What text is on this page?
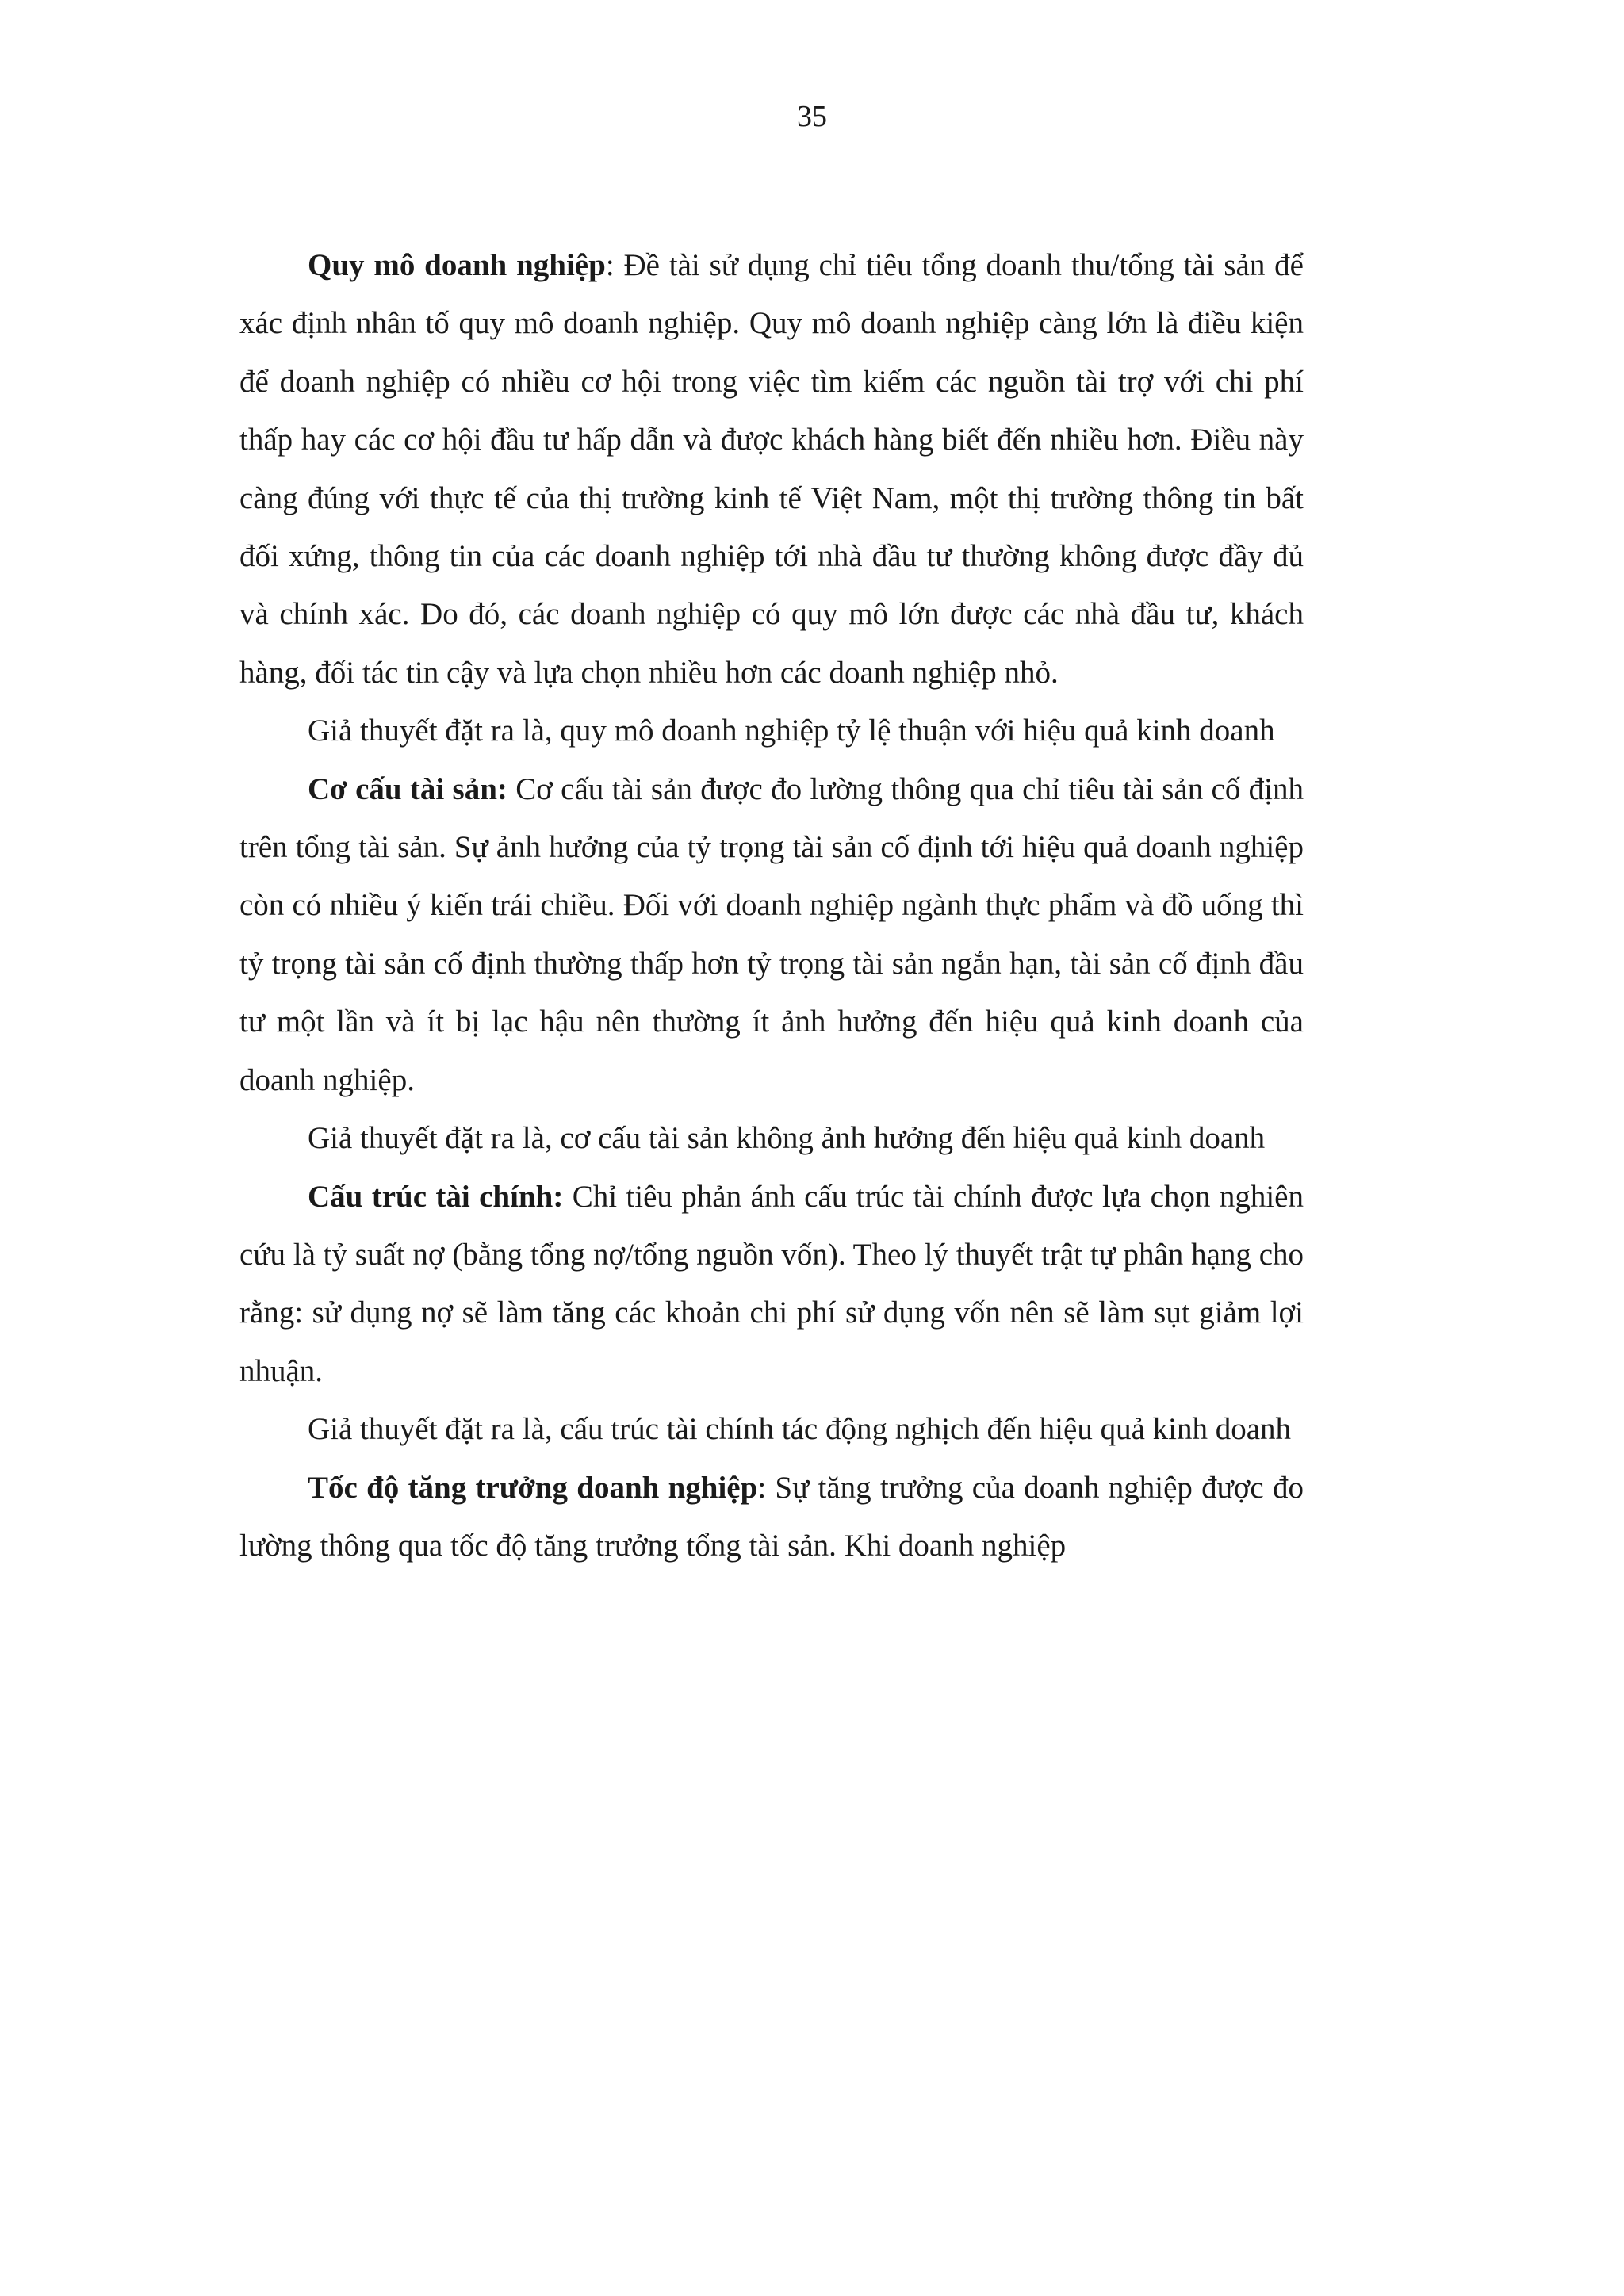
35

Quy mô doanh nghiệp: Đề tài sử dụng chỉ tiêu tổng doanh thu/tổng tài sản để xác định nhân tố quy mô doanh nghiệp. Quy mô doanh nghiệp càng lớn là điều kiện để doanh nghiệp có nhiều cơ hội trong việc tìm kiếm các nguồn tài trợ với chi phí thấp hay các cơ hội đầu tư hấp dẫn và được khách hàng biết đến nhiều hơn. Điều này càng đúng với thực tế của thị trường kinh tế Việt Nam, một thị trường thông tin bất đối xứng, thông tin của các doanh nghiệp tới nhà đầu tư thường không được đầy đủ và chính xác. Do đó, các doanh nghiệp có quy mô lớn được các nhà đầu tư, khách hàng, đối tác tin cậy và lựa chọn nhiều hơn các doanh nghiệp nhỏ.

Giả thuyết đặt ra là, quy mô doanh nghiệp tỷ lệ thuận với hiệu quả kinh doanh

Cơ cấu tài sản: Cơ cấu tài sản được đo lường thông qua chỉ tiêu tài sản cố định trên tổng tài sản. Sự ảnh hưởng của tỷ trọng tài sản cố định tới hiệu quả doanh nghiệp còn có nhiều ý kiến trái chiều. Đối với doanh nghiệp ngành thực phẩm và đồ uống thì tỷ trọng tài sản cố định thường thấp hơn tỷ trọng tài sản ngắn hạn, tài sản cố định đầu tư một lần và ít bị lạc hậu nên thường ít ảnh hưởng đến hiệu quả kinh doanh của doanh nghiệp.

Giả thuyết đặt ra là, cơ cấu tài sản không ảnh hưởng đến hiệu quả kinh doanh

Cấu trúc tài chính: Chỉ tiêu phản ánh cấu trúc tài chính được lựa chọn nghiên cứu là tỷ suất nợ (bằng tổng nợ/tổng nguồn vốn). Theo lý thuyết trật tự phân hạng cho rằng: sử dụng nợ sẽ làm tăng các khoản chi phí sử dụng vốn nên sẽ làm sụt giảm lợi nhuận.

Giả thuyết đặt ra là, cấu trúc tài chính tác động nghịch đến hiệu quả kinh doanh

Tốc độ tăng trưởng doanh nghiệp: Sự tăng trưởng của doanh nghiệp được đo lường thông qua tốc độ tăng trưởng tổng tài sản. Khi doanh nghiệp
